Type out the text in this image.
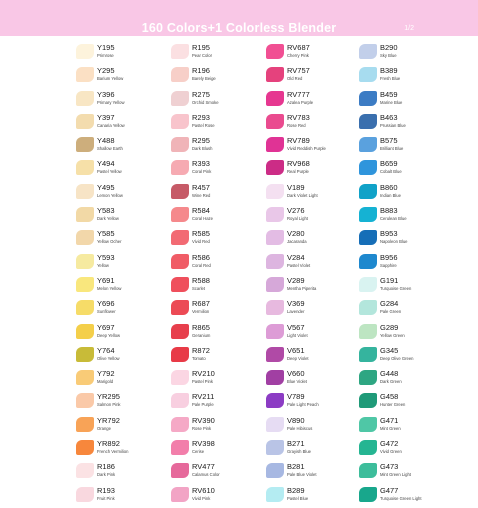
160 Colors+1 Colorless Blender	1/2
Y195
Primrose
Y295
Barium Yellow
Y396
Primary Yellow
Y397
Canaria Yellow
Y488
Shallow Earth
Y494
Pastel Yellow
Y495
Lemon Yellow
Y583
Dark Yellow
Y585
Yellow Ocher
Y593
Yellow
Y691
Melon Yellow
Y696
Sunflower
Y697
Deep Yellow
Y764
Olive Yellow
Y792
Marigold
YR295
Salmon Pink
YR792
Orange
YR892
French Vermilion
R186
Dark Pink
R193
Fruit Pink
R195
Pear Color
R196
Barely Beige
R275
Orchid Smoke
R293
Pastel Rose
R295
Dark Blush
R393
Coral Pink
R457
Wine Red
R584
Coral Haze
R585
Vivid Red
R586
Coral Red
R588
Scarlet
R687
Vermilion
R865
Geranium
R872
Tomato
RV210
Pastel Pink
RV211
Pale Purple
RV390
Rose Pink
RV398
Cerise
RV477
Calamus Color
RV610
Vivid Pink
RV687
Cherry Pink
RV757
Old Red
RV777
Azalea Purple
RV783
Rose Red
RV789
Vivid Reddish Purple
RV968
Real Purple
V189
Dark Violet Light
V276
Royal Light
V280
Jacaranda
V284
Pastel Violet
V289
Mentha Piperita
V369
Lavender
V567
Light Violet
V651
Deep Violet
V660
Blue Violet
V789
Pale Light Peach
V890
Pale Hibiscus
B271
Grayish Blue
B281
Pale Blue Violet
B289
Pastel Blue
B290
Sky Blue
B389
Fresh Blue
B459
Marine Blue
B463
Prussian Blue
B575
Brilliant Blue
B659
Cobalt Blue
B860
Indian Blue
B883
Cerulean Blue
B953
Napoleon Blue
B956
Sapphire
G191
Turquoise Green
G284
Pale Green
G289
Yellow Green
G345
Deep Olive Green
G448
Dark Green
G458
Hunter Green
G471
Mint Green
G472
Vivid Green
G473
Mint Green Light
G477
Turquoise Green Light
